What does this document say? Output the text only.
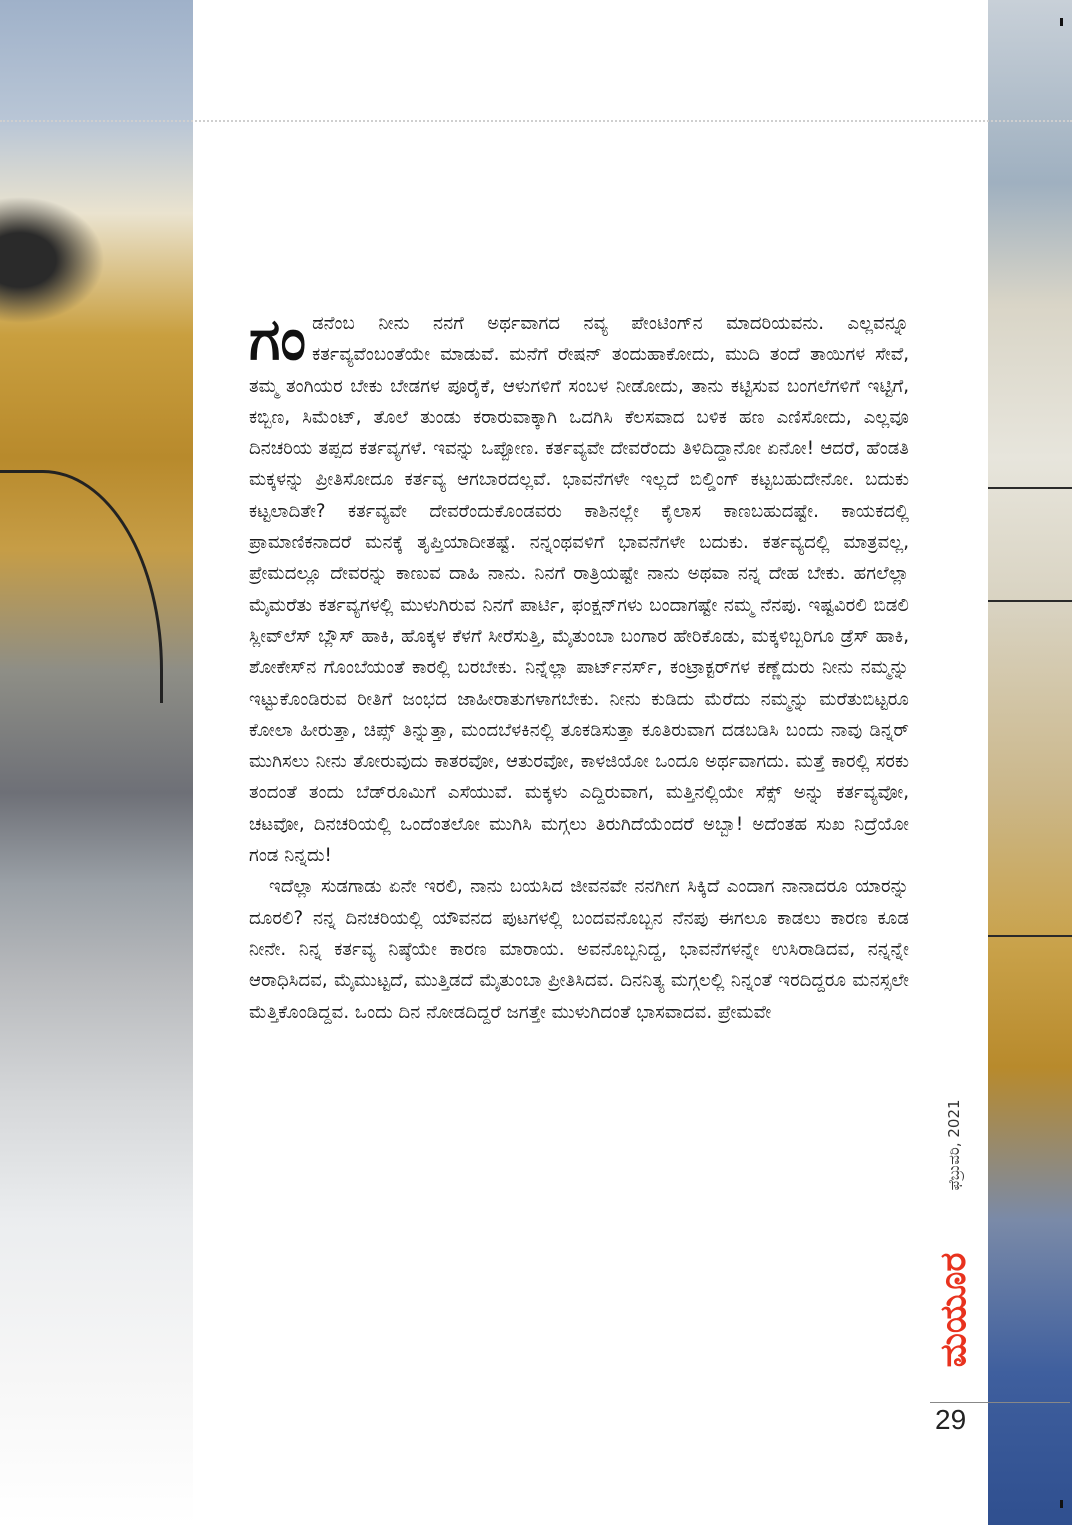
ಗಂಡನೆಂಬ ನೀನು ನನಗೆ ಅರ್ಥವಾಗದ ನವ್ಯ ಪೇಂಟಿಂಗ್‌ನ ಮಾದರಿಯವನು. ಎಲ್ಲವನ್ನೂ ಕರ್ತವ್ಯವೆಂಬಂತೆಯೇ ಮಾಡುವೆ. ಮನೆಗೆ ರೇಷನ್ ತಂದುಹಾಕೋದು, ಮುದಿ ತಂದೆ ತಾಯಿಗಳ ಸೇವೆ, ತಮ್ಮ ತಂಗಿಯರ ಬೇಕು ಬೇಡಗಳ ಪೂರೈಕೆ, ಆಳುಗಳಿಗೆ ಸಂಬಳ ನೀಡೋದು, ತಾನು ಕಟ್ಟಿಸುವ ಬಂಗಲೆಗಳಿಗೆ ಇಟ್ಟಿಗೆ, ಕಬ್ಬಿಣ, ಸಿಮೆಂಟ್, ತೊಲೆ ತುಂಡು ಕರಾರುವಾಕ್ಕಾಗಿ ಒದಗಿಸಿ ಕೆಲಸವಾದ ಬಳಿಕ ಹಣ ಎಣಿಸೋದು, ಎಲ್ಲವೂ ದಿನಚರಿಯ ತಪ್ಪದ ಕರ್ತವ್ಯಗಳೆ. ಇವನ್ನು ಒಪ್ಪೋಣ. ಕರ್ತವ್ಯವೇ ದೇವರೆಂದು ತಿಳಿದಿದ್ದಾನೋ ಏನೋ! ಆದರೆ, ಹೆಂಡತಿ ಮಕ್ಕಳನ್ನು ಪ್ರೀತಿಸೋದೂ ಕರ್ತವ್ಯ ಆಗಬಾರದಲ್ಲವೆ. ಭಾವನೆಗಳೇ ಇಲ್ಲದೆ ಬಿಲ್ಡಿಂಗ್ ಕಟ್ಟಬಹುದೇನೋ. ಬದುಕು ಕಟ್ಟಲಾದಿತೇ? ಕರ್ತವ್ಯವೇ ದೇವರೆಂದುಕೊಂಡವರು ಕಾಶಿನಲ್ಲೇ ಕೈಲಾಸ ಕಾಣಬಹುದಷ್ಟೇ. ಕಾಯಕದಲ್ಲಿ ಪ್ರಾಮಾಣಿಕನಾದರೆ ಮನಕ್ಕೆ ತೃಪ್ತಿಯಾದೀತಷ್ಟೆ. ನನ್ನಂಥವಳಿಗೆ ಭಾವನೆಗಳೇ ಬದುಕು. ಕರ್ತವ್ಯದಲ್ಲಿ ಮಾತ್ರವಲ್ಲ, ಪ್ರೇಮದಲ್ಲೂ ದೇವರನ್ನು ಕಾಣುವ ದಾಹಿ ನಾನು. ನಿನಗೆ ರಾತ್ರಿಯಷ್ಟೇ ನಾನು ಅಥವಾ ನನ್ನ ದೇಹ ಬೇಕು. ಹಗಲೆಲ್ಲಾ ಮೈಮರೆತು ಕರ್ತವ್ಯಗಳಲ್ಲಿ ಮುಳುಗಿರುವ ನಿನಗೆ ಪಾರ್ಟಿ, ಫಂಕ್ಷನ್‌ಗಳು ಬಂದಾಗಷ್ಟೇ ನಮ್ಮ ನೆನಪು. ಇಷ್ಟವಿರಲಿ ಬಿಡಲಿ ಸ್ಲೀವ್‌ಲೆಸ್ ಬ್ಲೌಸ್ ಹಾಕಿ, ಹೊಕ್ಕಳ ಕೆಳಗೆ ಸೀರೆಸುತ್ತಿ, ಮೈತುಂಬಾ ಬಂಗಾರ ಹೇರಿಕೊಡು, ಮಕ್ಕಳಿಬ್ಬರಿಗೂ ಡ್ರೆಸ್ ಹಾಕಿ, ಶೋಕೇಸ್‌ನ ಗೊಂಬೆಯಂತೆ ಕಾರಲ್ಲಿ ಬರಬೇಕು. ನಿನ್ನೆಲ್ಲಾ ಪಾರ್ಟ್‌ನರ್ಸ್, ಕಂಟ್ರಾಕ್ಟರ್‌ಗಳ ಕಣ್ಣೆದುರು ನೀನು ನಮ್ಮನ್ನು ಇಟ್ಟುಕೊಂಡಿರುವ ರೀತಿಗೆ ಜಂಭದ ಜಾಹೀರಾತುಗಳಾಗಬೇಕು. ನೀನು ಕುಡಿದು ಮೆರೆದು ನಮ್ಮನ್ನು ಮರೆತುಬಿಟ್ಟರೂ ಕೋಲಾ ಹೀರುತ್ತಾ, ಚಿಪ್ಸ್ ತಿನ್ನುತ್ತಾ, ಮಂದಬೆಳಕಿನಲ್ಲಿ ತೂಕಡಿಸುತ್ತಾ ಕೂತಿರುವಾಗ ದಡಬಡಿಸಿ ಬಂದು ನಾವು ಡಿನ್ನರ್ ಮುಗಿಸಲು ನೀನು ತೋರುವುದು ಕಾತರವೋ, ಆತುರವೋ, ಕಾಳಜಿಯೋ ಒಂದೂ ಅರ್ಥವಾಗದು. ಮತ್ತೆ ಕಾರಲ್ಲಿ ಸರಕು ತಂದಂತೆ ತಂದು ಬೆಡ್‌ರೂಮಿಗೆ ಎಸೆಯುವೆ. ಮಕ್ಕಳು ಎದ್ದಿರುವಾಗ, ಮತ್ತಿನಲ್ಲಿಯೇ ಸೆಕ್ಸ್ ಅನ್ನು ಕರ್ತವ್ಯವೋ, ಚಟವೋ, ದಿನಚರಿಯಲ್ಲಿ ಒಂದೆಂತಲೋ ಮುಗಿಸಿ ಮಗ್ಗಲು ತಿರುಗಿದೆಯೆಂದರೆ ಅಬ್ಬಾ! ಅದೆಂತಹ ಸುಖ ನಿದ್ರೆಯೋ ಗಂಡ ನಿನ್ನದು!

ಇದೆಲ್ಲಾ ಸುಡಗಾಡು ಏನೇ ಇರಲಿ, ನಾನು ಬಯಸಿದ ಜೀವನವೇ ನನಗೀಗ ಸಿಕ್ಕಿದೆ ಎಂದಾಗ ನಾನಾದರೂ ಯಾರನ್ನು ದೂರಲಿ? ನನ್ನ ದಿನಚರಿಯಲ್ಲಿ ಯೌವನದ ಪುಟಗಳಲ್ಲಿ ಬಂದವನೊಬ್ಬನ ನೆನಪು ಈಗಲೂ ಕಾಡಲು ಕಾರಣ ಕೂಡ ನೀನೇ. ನಿನ್ನ ಕರ್ತವ್ಯ ನಿಷ್ಠೆಯೇ ಕಾರಣ ಮಾರಾಯ. ಅವನೊಬ್ಬನಿದ್ದ, ಭಾವನೆಗಳನ್ನೇ ಉಸಿರಾಡಿದವ, ನನ್ನನ್ನೇ ಆರಾಧಿಸಿದವ, ಮೈಮುಟ್ಟದೆ, ಮುತ್ತಿಡದೆ ಮೈತುಂಬಾ ಪ್ರೀತಿಸಿದವ. ದಿನನಿತ್ಯ ಮಗ್ಗಲಲ್ಲಿ ನಿನ್ನಂತೆ ಇರದಿದ್ದರೂ ಮನಸ್ಸಲೇ ಮೆತ್ತಿಕೊಂಡಿದ್ದವ. ಒಂದು ದಿನ ನೋಡದಿದ್ದರೆ ಜಗತ್ತೇ ಮುಳುಗಿದಂತೆ ಭಾಸವಾದವ. ಪ್ರೇಮವೇ

ಫೆಬ್ರುವರಿ, 2021
ಮಯೂರ
29
